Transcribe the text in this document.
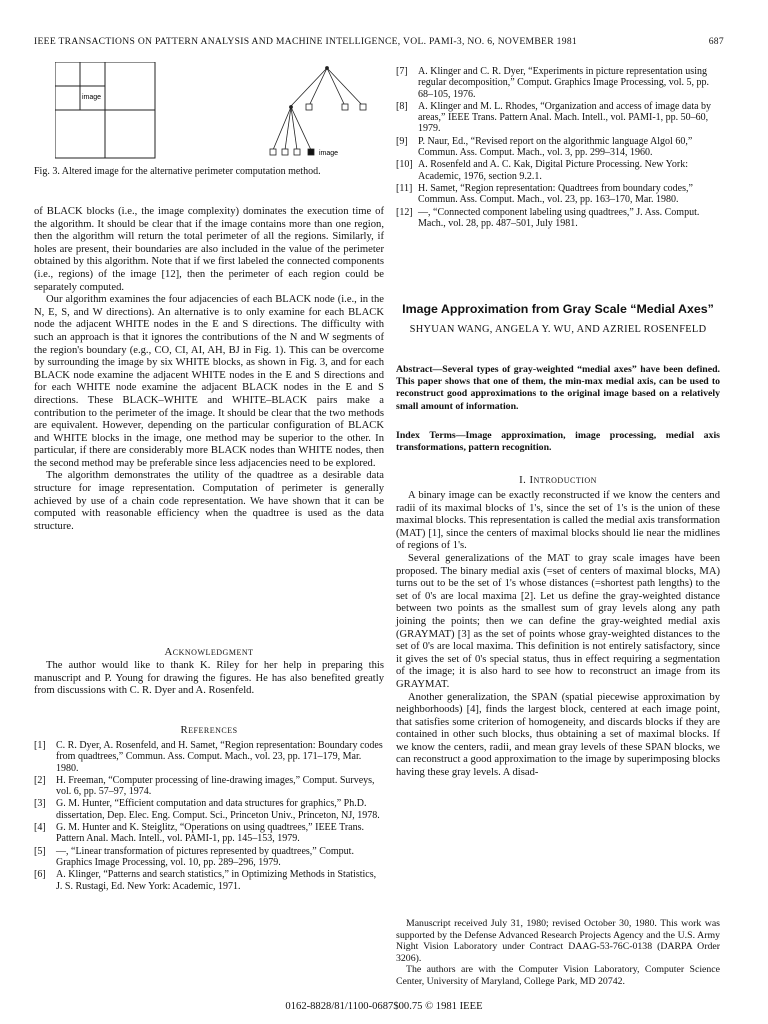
IEEE TRANSACTIONS ON PATTERN ANALYSIS AND MACHINE INTELLIGENCE, VOL. PAMI-3, NO. 6, NOVEMBER 1981	687
image
image
Fig. 3. Altered image for the alternative perimeter computation method.

of BLACK blocks (i.e., the image complexity) dominates the execution time of the algorithm. It should be clear that if the image contains more than one region, then the algorithm will return the total perimeter of all the regions. Similarly, if holes are present, their boundaries are also included in the value of the perimeter obtained by this algorithm. Note that if we first labeled the connected components (i.e., regions) of the image [12], then the perimeter of each region could be separately computed.

Our algorithm examines the four adjacencies of each BLACK node (i.e., in the N, E, S, and W directions). An alternative is to only examine for each BLACK node the adjacent WHITE nodes in the E and S directions. The difficulty with such an approach is that it ignores the contributions of the N and W segments of the region's boundary (e.g., CO, CI, AI, AH, BJ in Fig. 1). This can be overcome by surrounding the image by six WHITE blocks, as shown in Fig. 3, and for each BLACK node examine the adjacent WHITE nodes in the E and S directions and for each WHITE node examine the adjacent BLACK nodes in the E and S directions. These BLACK–WHITE and WHITE–BLACK pairs make a contribution to the perimeter of the image. It should be clear that the two methods are equivalent. However, depending on the particular configuration of BLACK and WHITE blocks in the image, one method may be superior to the other. In particular, if there are considerably more BLACK nodes than WHITE nodes, then the second method may be preferable since less adjacencies need to be explored.

The algorithm demonstrates the utility of the quadtree as a desirable data structure for image representation. Computation of perimeter is generally achieved by use of a chain code representation. We have shown that it can be computed with reasonable efficiency when the quadtree is used as the data structure.

Acknowledgment

The author would like to thank K. Riley for her help in preparing this manuscript and P. Young for drawing the figures. He has also benefited greatly from discussions with C. R. Dyer and A. Rosenfeld.

References
[1]	C. R. Dyer, A. Rosenfeld, and H. Samet, “Region representation: Boundary codes from quadtrees,” Commun. Ass. Comput. Mach., vol. 23, pp. 171–179, Mar. 1980.
[2]	H. Freeman, “Computer processing of line-drawing images,” Comput. Surveys, vol. 6, pp. 57–97, 1974.
[3]	G. M. Hunter, “Efficient computation and data structures for graphics,” Ph.D. dissertation, Dep. Elec. Eng. Comput. Sci., Princeton Univ., Princeton, NJ, 1978.
[4]	G. M. Hunter and K. Steiglitz, “Operations on using quadtrees,” IEEE Trans. Pattern Anal. Mach. Intell., vol. PAMI-1, pp. 145–153, 1979.
[5]	—, “Linear transformation of pictures represented by quadtrees,” Comput. Graphics Image Processing, vol. 10, pp. 289–296, 1979.
[6]	A. Klinger, “Patterns and search statistics,” in Optimizing Methods in Statistics, J. S. Rustagi, Ed. New York: Academic, 1971.
[7]	A. Klinger and C. R. Dyer, “Experiments in picture representation using regular decomposition,” Comput. Graphics Image Processing, vol. 5, pp. 68–105, 1976.
[8]	A. Klinger and M. L. Rhodes, “Organization and access of image data by areas,” IEEE Trans. Pattern Anal. Mach. Intell., vol. PAMI-1, pp. 50–60, 1979.
[9]	P. Naur, Ed., “Revised report on the algorithmic language Algol 60,” Commun. Ass. Comput. Mach., vol. 3, pp. 299–314, 1960.
[10] A. Rosenfeld and A. C. Kak, Digital Picture Processing. New York: Academic, 1976, section 9.2.1.
[11] H. Samet, “Region representation: Quadtrees from boundary codes,” Commun. Ass. Comput. Mach., vol. 23, pp. 163–170, Mar. 1980.
[12] —, “Connected component labeling using quadtrees,” J. Ass. Comput. Mach., vol. 28, pp. 487–501, July 1981.
Image Approximation from Gray Scale “Medial Axes”
SHYUAN WANG, ANGELA Y. WU, AND AZRIEL ROSENFELD
Abstract—Several types of gray-weighted “medial axes” have been defined. This paper shows that one of them, the min-max medial axis, can be used to reconstruct good approximations to the original image based on a relatively small amount of information.
Index Terms—Image approximation, image processing, medial axis transformations, pattern recognition.
I. Introduction

A binary image can be exactly reconstructed if we know the centers and radii of its maximal blocks of 1's, since the set of 1's is the union of these maximal blocks. This representation is called the medial axis transformation (MAT) [1], since the centers of maximal blocks should lie near the midlines of regions of 1's.

Several generalizations of the MAT to gray scale images have been proposed. The binary medial axis (=set of centers of maximal blocks, MA) turns out to be the set of 1's whose distances (=shortest path lengths) to the set of 0's are local maxima [2]. Let us define the gray-weighted distance between two points as the smallest sum of gray levels along any path joining the points; then we can define the gray-weighted medial axis (GRAYMAT) [3] as the set of points whose gray-weighted distances to the set of 0's are local maxima. This definition is not entirely satisfactory, since it gives the set of 0's special status, thus in effect requiring a segmentation of the image; it is also hard to see how to reconstruct an image from its GRAYMAT.

Another generalization, the SPAN (spatial piecewise approximation by neighborhoods) [4], finds the largest block, centered at each image point, that satisfies some criterion of homogeneity, and discards blocks if they are contained in other such blocks, thus obtaining a set of maximal blocks. If we know the centers, radii, and mean gray levels of these SPAN blocks, we can reconstruct a good approximation to the image by superimposing blocks having these gray levels. A disad-

Manuscript received July 31, 1980; revised October 30, 1980. This work was supported by the Defense Advanced Research Projects Agency and the U.S. Army Night Vision Laboratory under Contract DAAG-53-76C-0138 (DARPA Order 3206).

The authors are with the Computer Vision Laboratory, Computer Science Center, University of Maryland, College Park, MD 20742.

0162-8828/81/1100-0687$00.75 © 1981 IEEE
